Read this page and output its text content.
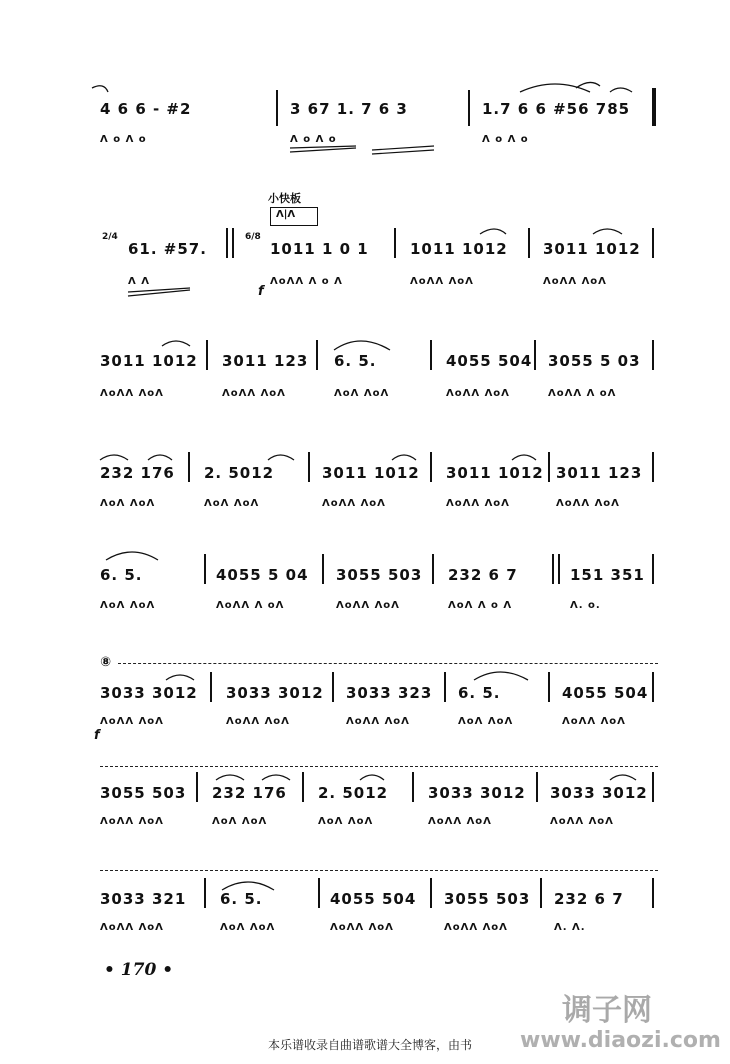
4 6 6 - #2
Λ o Λ o
3 67 1. 7 6 3
Λ o Λ o
1.7 6 6 #56 785
Λ o Λ o
2/4
61. #57.
Λ Λ
6/8
小快板
Λ|Λ
1011 1 0 1
ΛoΛΛ Λ o Λ
f
1011 1012
ΛoΛΛ ΛoΛ
3011 1012
ΛoΛΛ ΛoΛ
3011 1012
ΛoΛΛ ΛoΛ
3011 123
ΛoΛΛ ΛoΛ
6. 5.
ΛoΛ ΛoΛ
4055 504
ΛoΛΛ ΛoΛ
3055 5 03
ΛoΛΛ Λ oΛ
232 176
ΛoΛ ΛoΛ
2. 5012
ΛoΛ ΛoΛ
3011 1012
ΛoΛΛ ΛoΛ
3011 1012
ΛoΛΛ ΛoΛ
3011 123
ΛoΛΛ ΛoΛ
6. 5.
ΛoΛ ΛoΛ
4055 5 04
ΛoΛΛ Λ oΛ
3055 503
ΛoΛΛ ΛoΛ
232 6 7
ΛoΛ Λ o Λ
151 351
Λ. o.
⑧
3033 3012
ΛoΛΛ ΛoΛ
f
3033 3012
ΛoΛΛ ΛoΛ
3033 323
ΛoΛΛ ΛoΛ
6. 5.
ΛoΛ ΛoΛ
4055 504
ΛoΛΛ ΛoΛ
3055 503
ΛoΛΛ ΛoΛ
232 176
ΛoΛ ΛoΛ
2. 5012
ΛoΛ ΛoΛ
3033 3012
ΛoΛΛ ΛoΛ
3033 3012
ΛoΛΛ ΛoΛ
3033 321
ΛoΛΛ ΛoΛ
6. 5.
ΛoΛ ΛoΛ
4055 504
ΛoΛΛ ΛoΛ
3055 503
ΛoΛΛ ΛoΛ
232 6 7
Λ. Λ.
• 170 •
调子网
www.diaozi.com
本乐谱收录自曲谱歌谱大全博客，由书
